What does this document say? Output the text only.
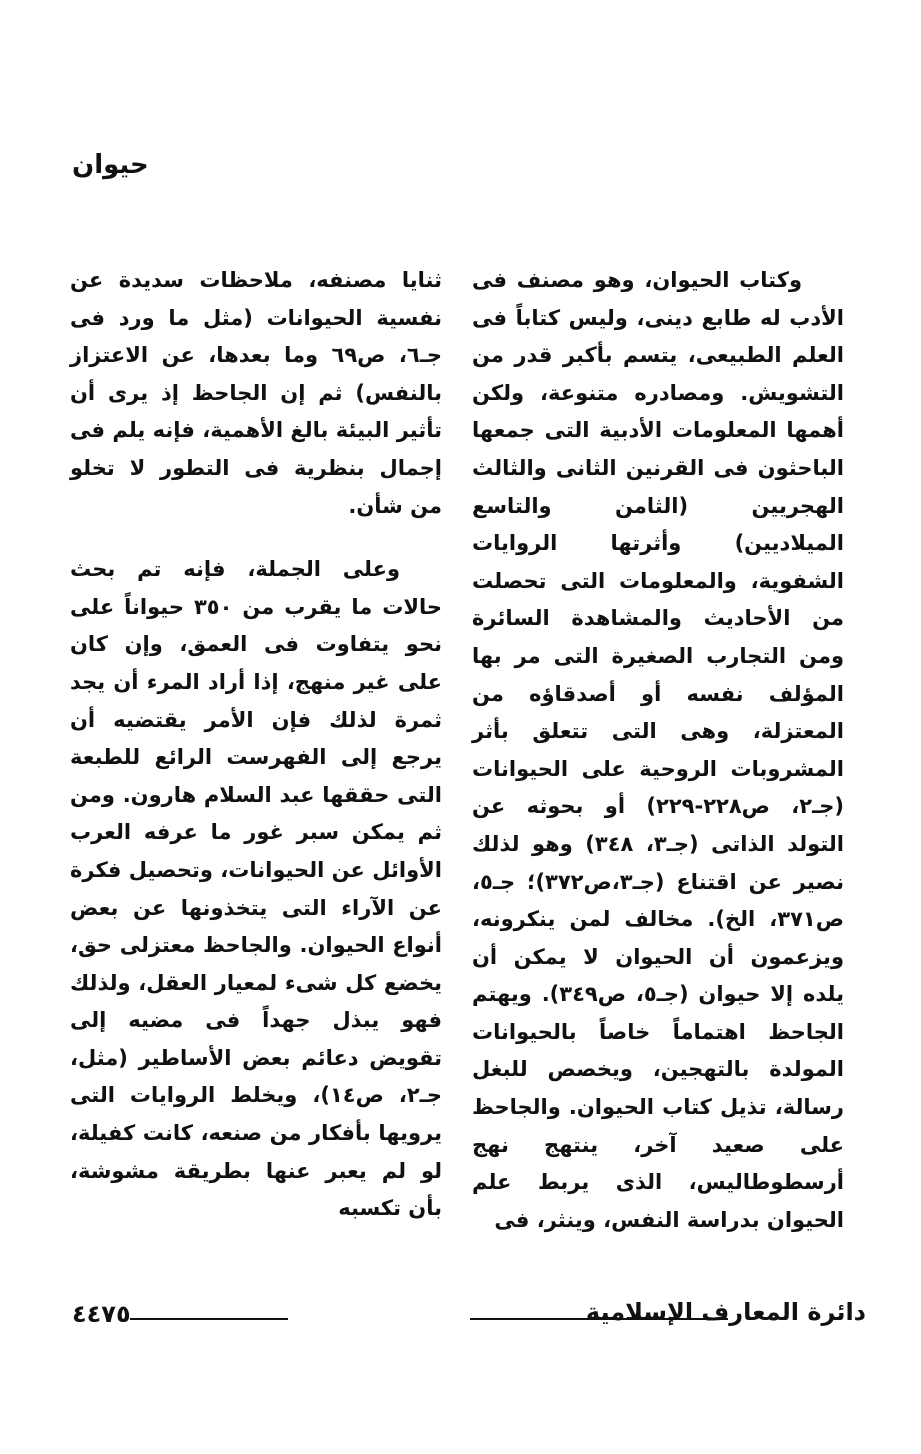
حيوان

وكتاب الحيوان، وهو مصنف فى الأدب له طابع دينى، وليس كتاباً فى العلم الطبيعى، يتسم بأكبر قدر من التشويش. ومصادره متنوعة، ولكن أهمها المعلومات الأدبية التى جمعها الباحثون فى القرنين الثانى والثالث الهجريين (الثامن والتاسع الميلاديين) وأثرتها الروايات الشفوية، والمعلومات التى تحصلت من الأحاديث والمشاهدة السائرة ومن التجارب الصغيرة التى مر بها المؤلف نفسه أو أصدقاؤه من المعتزلة، وهى التى تتعلق بأثر المشروبات الروحية على الحيوانات (جـ٢، ص٢٢٨-٢٢٩) أو بحوثه عن التولد الذاتى (جـ٣، ٣٤٨) وهو لذلك نصير عن اقتناع (جـ٣،ص٣٧٢)؛ جـ٥، ص٣٧١، الخ). مخالف لمن ينكرونه، ويزعمون أن الحيوان لا يمكن أن يلده إلا حيوان (جـ٥، ص٣٤٩). ويهتم الجاحظ اهتماماً خاصاً بالحيوانات المولدة بالتهجين، ويخصص للبغل رسالة، تذيل كتاب الحيوان. والجاحظ على صعيد آخر، ينتهج نهج أرسطوطاليس، الذى يربط علم الحيوان بدراسة النفس، وينثر، فى

ثنايا مصنفه، ملاحظات سديدة عن نفسية الحيوانات (مثل ما ورد فى جـ٦، ص٦٩ وما بعدها، عن الاعتزاز بالنفس) ثم إن الجاحظ إذ يرى أن تأثير البيئة بالغ الأهمية، فإنه يلم فى إجمال بنظرية فى التطور لا تخلو من شأن.

وعلى الجملة، فإنه تم بحث حالات ما يقرب من ٣٥٠ حيواناً على نحو يتفاوت فى العمق، وإن كان على غير منهج، إذا أراد المرء أن يجد ثمرة لذلك فإن الأمر يقتضيه أن يرجع إلى الفهرست الرائع للطبعة التى حققها عبد السلام هارون. ومن ثم يمكن سبر غور ما عرفه العرب الأوائل عن الحيوانات، وتحصيل فكرة عن الآراء التى يتخذونها عن بعض أنواع الحيوان. والجاحظ معتزلى حق، يخضع كل شىء لمعيار العقل، ولذلك فهو يبذل جهداً فى مضيه إلى تقويض دعائم بعض الأساطير (مثل، جـ٢، ص١٤)، ويخلط الروايات التى يرويها بأفكار من صنعه، كانت كفيلة، لو لم يعبر عنها بطريقة مشوشة، بأن تكسبه

٤٤٧٥	دائرة المعارف الإسلامية
